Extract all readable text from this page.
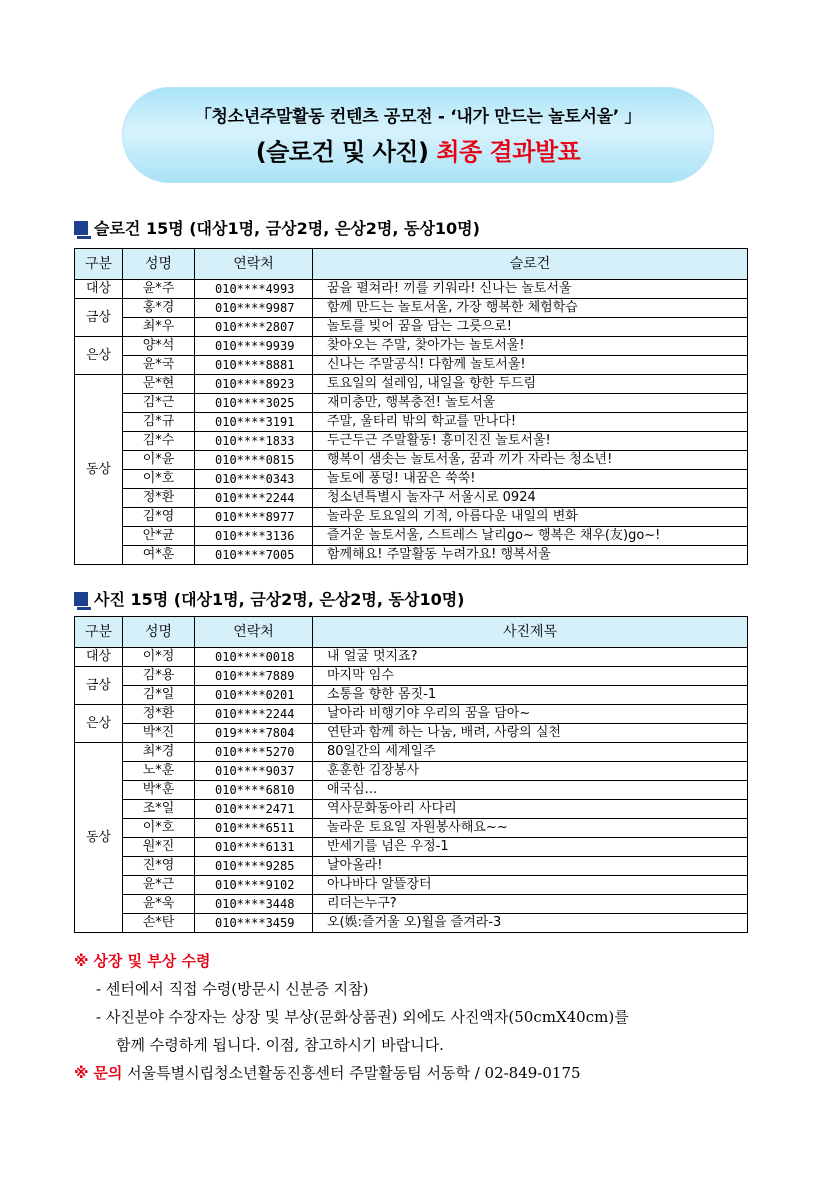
「청소년주말활동 컨텐츠 공모전 - ‘내가 만드는 놀토서울’ 」
(슬로건 및 사진) 최종 결과발표
슬로건 15명 (대상1명, 금상2명, 은상2명, 동상10명)
구분	성명	연락처	슬로건
대상	윤*주	010****4993	꿈을 펼쳐라! 끼를 키워라! 신나는 놀토서울
금상	홍*경	010****9987	함께 만드는 놀토서울, 가장 행복한 체험학습
	최*우	010****2807	놀토를 빚어 꿈을 담는 그릇으로!
은상	양*석	010****9939	찾아오는 주말, 찾아가는 놀토서울!
	윤*국	010****8881	신나는 주말공식! 다함께 놀토서울!
동상	문*현	010****8923	토요일의 설레임, 내일을 향한 두드림
	김*근	010****3025	재미충만, 행복충전! 놀토서울
	김*규	010****3191	주말, 울타리 밖의 학교를 만나다!
	김*수	010****1833	두근두근 주말활동! 흥미진진 놀토서울!
	이*윤	010****0815	행복이 샘솟는 놀토서울, 꿈과 끼가 자라는 청소년!
	이*호	010****0343	놀토에 퐁덩! 내꿈은 쑥쑥!
	정*환	010****2244	청소년특별시 놀자구 서울시로 0924
	김*영	010****8977	놀라운 토요일의 기적, 아름다운 내일의 변화
	안*균	010****3136	즐거운 놀토서울, 스트레스 날리go~ 행복은 채우(友)go~!
	여*훈	010****7005	함께해요! 주말활동 누려가요! 행복서울
사진 15명 (대상1명, 금상2명, 은상2명, 동상10명)
구분	성명	연락처	사진제목
대상	이*정	010****0018	내 얼굴 멋지죠?
금상	김*용	010****7889	마지막 임수
	김*일	010****0201	소통을 향한 몸짓-1
은상	정*환	010****2244	날아라 비행기야 우리의 꿈을 담아~
	박*진	019****7804	연탄과 함께 하는 나눔, 배려, 사랑의 실천
동상	최*경	010****5270	80일간의 세계일주
	노*훈	010****9037	훈훈한 김장봉사
	박*훈	010****6810	애국심...
	조*일	010****2471	역사문화동아리 사다리
	이*호	010****6511	놀라운 토요일 자원봉사해요~~
	원*진	010****6131	반세기를 넘은 우정-1
	진*영	010****9285	날아올라!
	윤*근	010****9102	아나바다 알뜰장터
	윤*욱	010****3448	리더는누구?
	손*탄	010****3459	오(娛:즐거울 오)월을 즐겨라-3
※ 상장 및 부상 수령
- 센터에서 직접 수령(방문시 신분증 지참)
- 사진분야 수장자는 상장 및 부상(문화상품권) 외에도 사진액자(50cmX40cm)를
함께 수령하게 됩니다. 이점, 참고하시기 바랍니다.
※ 문의 서울특별시립청소년활동진흥센터 주말활동팀 서동학 / 02-849-0175
